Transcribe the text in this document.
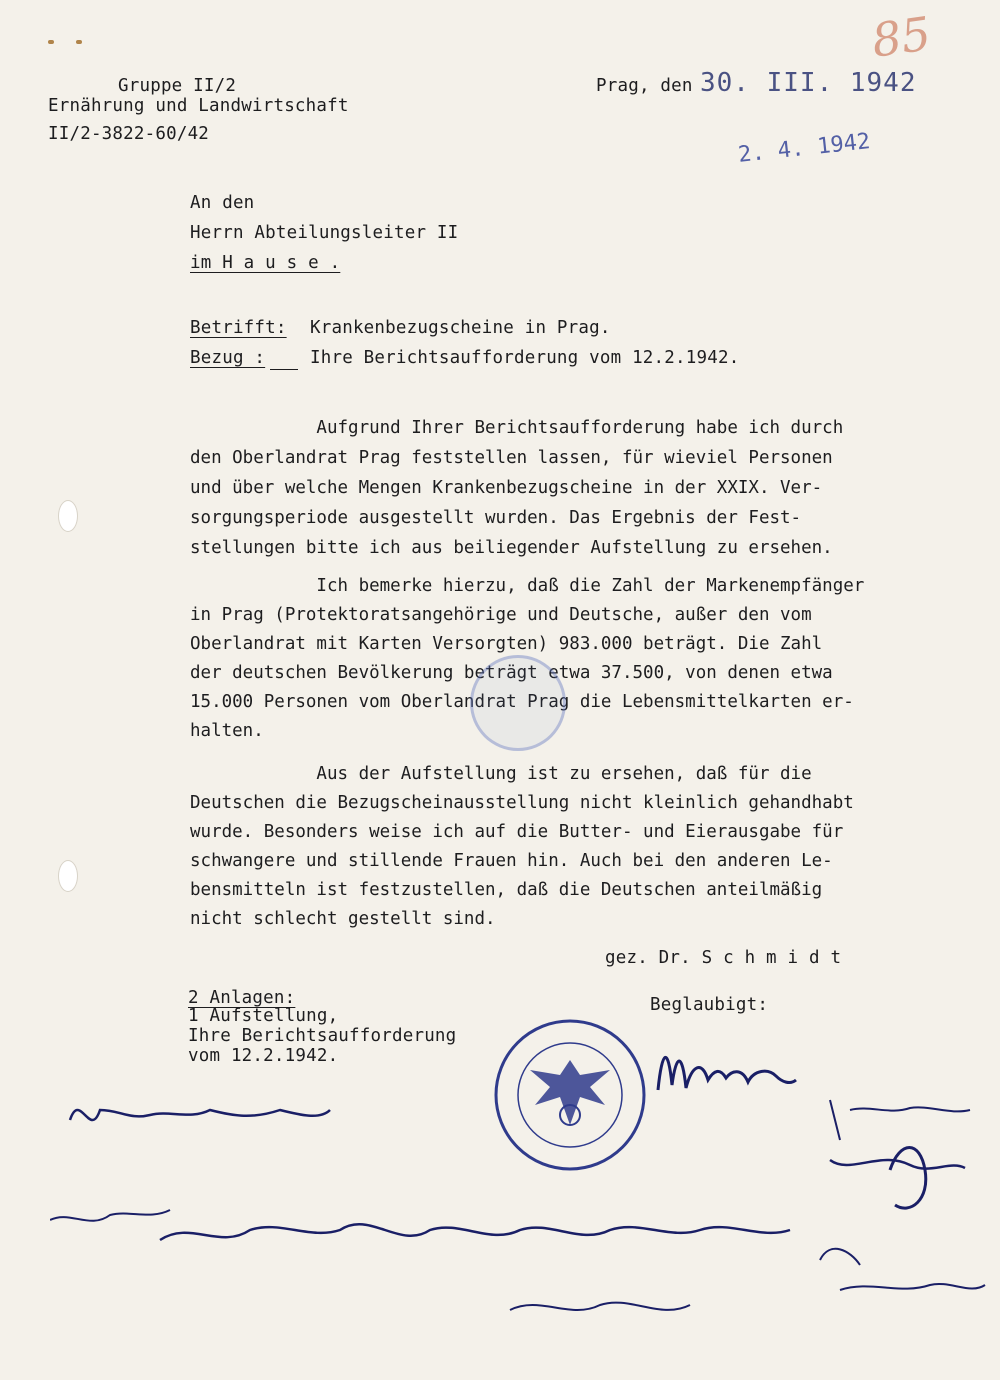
Gruppe II/2
Ernährung und Landwirtschaft
II/2-3822-60/42
Prag, den 30. III. 1942
2. 4. 1942
85
An den
Herrn Abteilungsleiter II
im H a u s e .
Betrifft: Krankenbezugscheine in Prag.
Bezug :	Ihre Berichtsaufforderung vom 12.2.1942.
Aufgrund Ihrer Berichtsaufforderung habe ich durch
den Oberlandrat Prag feststellen lassen, für wieviel Personen
und über welche Mengen Krankenbezugscheine in der XXIX. Ver-
sorgungsperiode ausgestellt wurden. Das Ergebnis der Fest-
stellungen bitte ich aus beiliegender Aufstellung zu ersehen.
Ich bemerke hierzu, daß die Zahl der Markenempfänger
in Prag (Protektoratsangehörige und Deutsche, außer den vom
Oberlandrat mit Karten Versorgten) 983.000 beträgt. Die Zahl
der deutschen Bevölkerung beträgt etwa 37.500, von denen etwa
15.000 Personen vom Oberlandrat Prag die Lebensmittelkarten er-
halten.
Aus der Aufstellung ist zu ersehen, daß für die
Deutschen die Bezugscheinausstellung nicht kleinlich gehandhabt
wurde. Besonders weise ich auf die Butter- und Eierausgabe für
schwangere und stillende Frauen hin. Auch bei den anderen Le-
bensmitteln ist festzustellen, daß die Deutschen anteilmäßig
nicht schlecht gestellt sind.
gez. Dr. S c h m i d t
Beglaubigt:
2 Anlagen:
1 Aufstellung,
Ihre Berichtsaufforderung
vom 12.2.1942.
